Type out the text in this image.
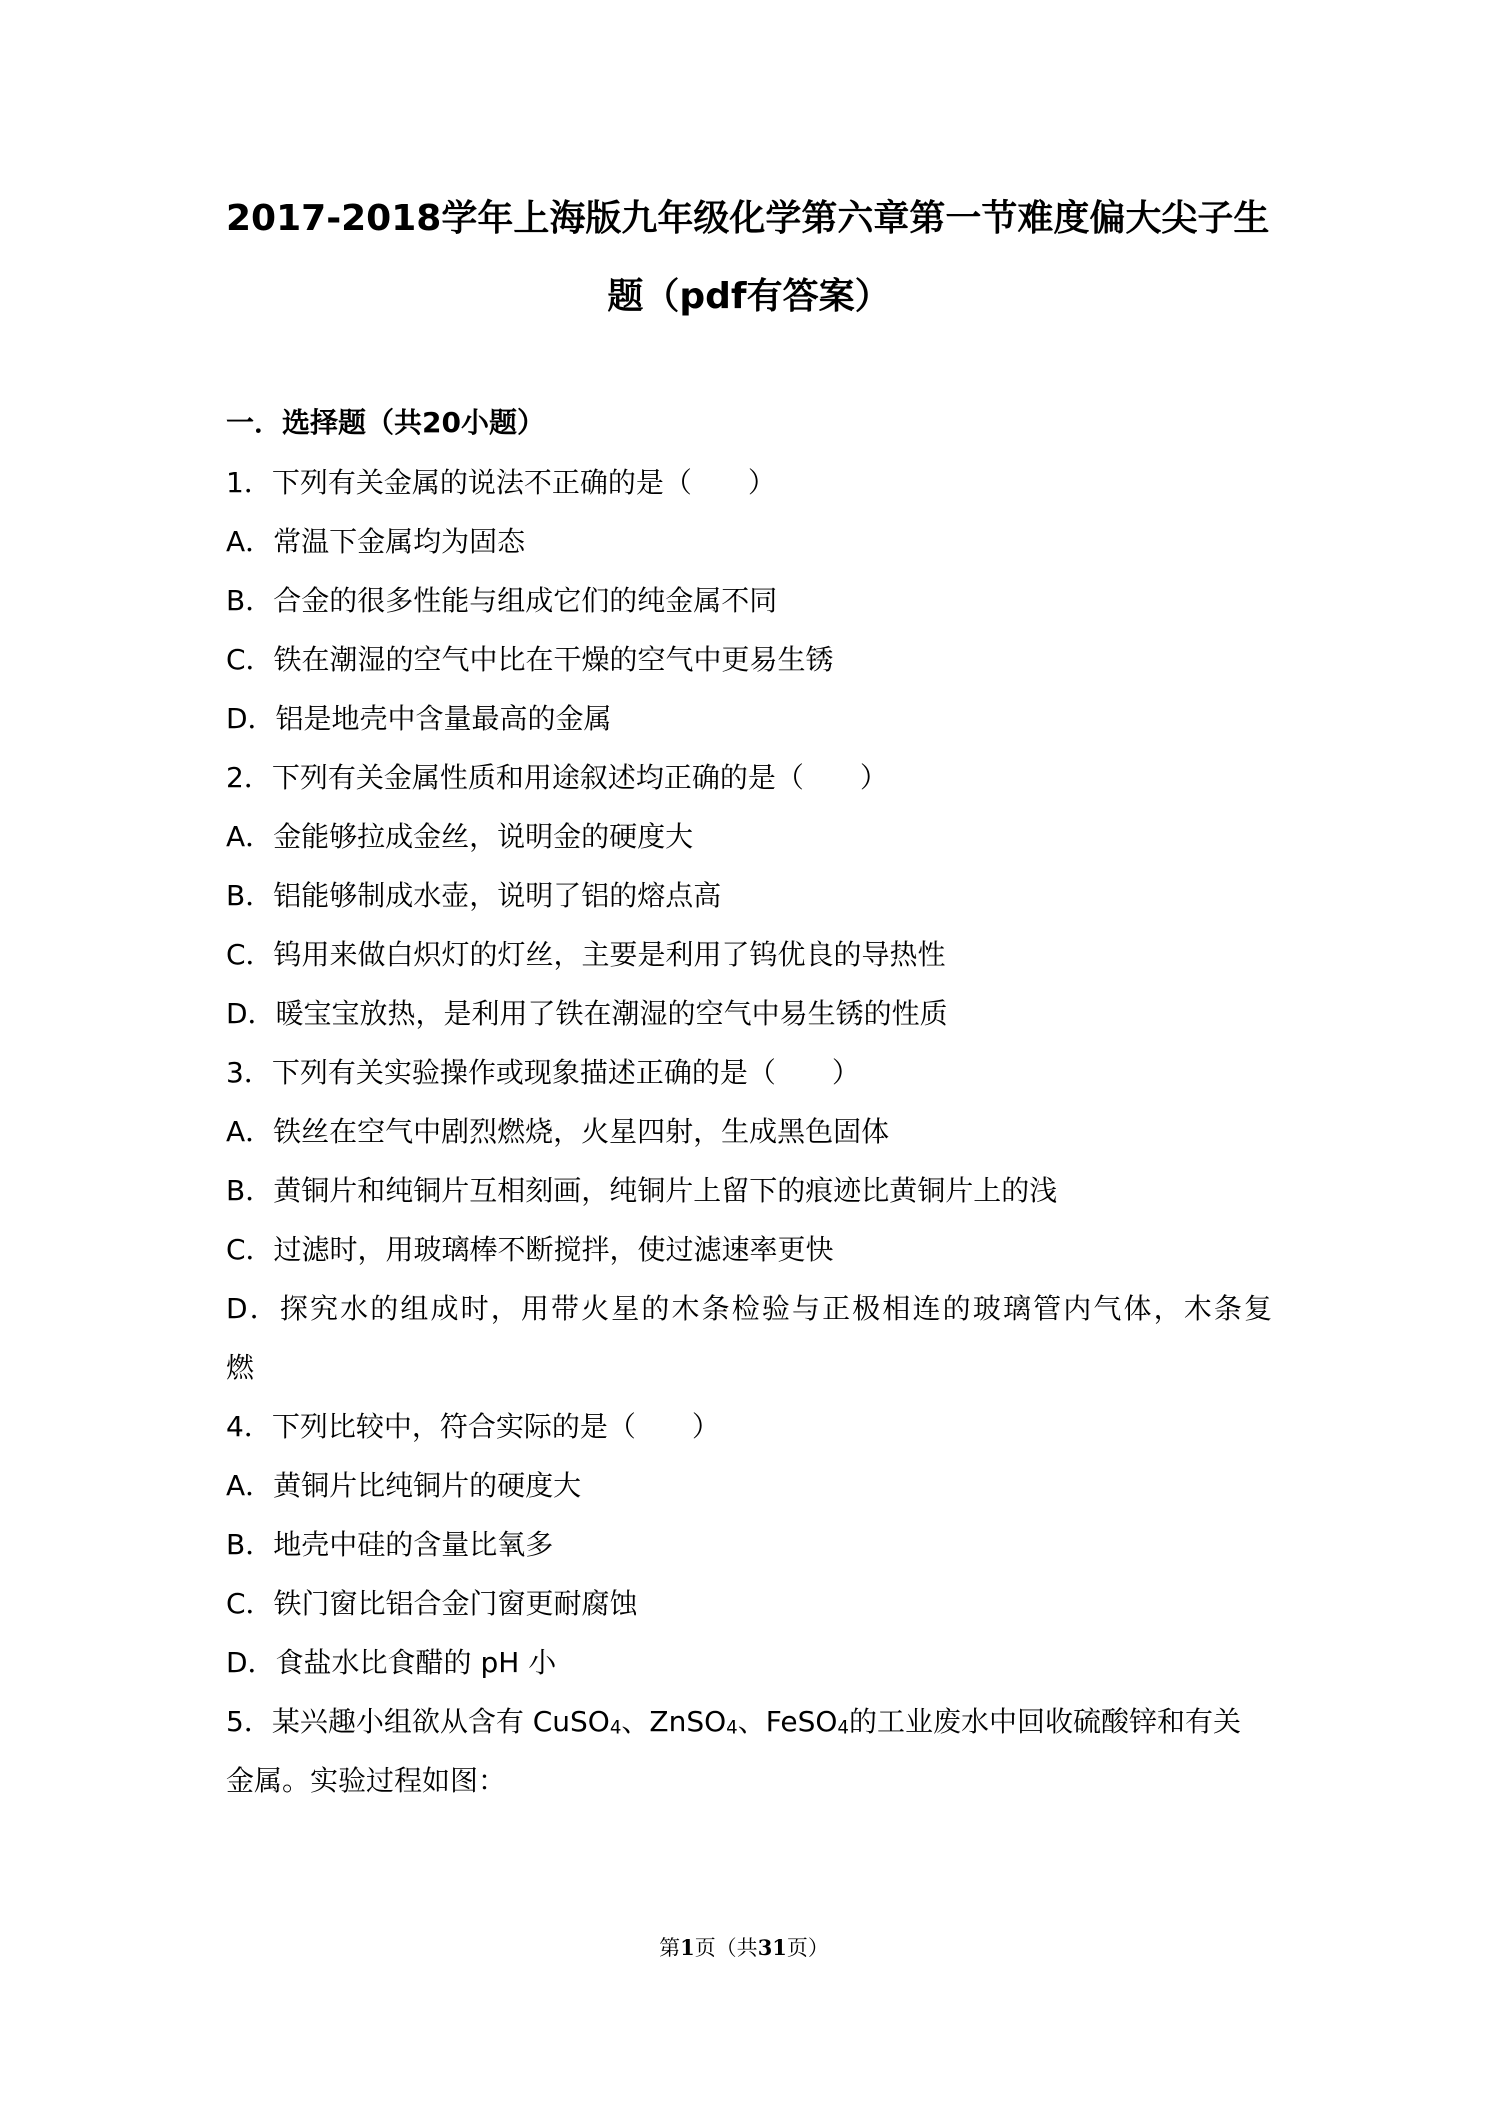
2017-2018学年上海版九年级化学第六章第一节难度偏大尖子生
题（pdf有答案）
一．选择题（共20小题）
1．下列有关金属的说法不正确的是（　　）
A．常温下金属均为固态
B．合金的很多性能与组成它们的纯金属不同
C．铁在潮湿的空气中比在干燥的空气中更易生锈
D．铝是地壳中含量最高的金属
2．下列有关金属性质和用途叙述均正确的是（　　）
A．金能够拉成金丝，说明金的硬度大
B．铝能够制成水壶，说明了铝的熔点高
C．钨用来做白炽灯的灯丝，主要是利用了钨优良的导热性
D．暖宝宝放热，是利用了铁在潮湿的空气中易生锈的性质
3．下列有关实验操作或现象描述正确的是（　　）
A．铁丝在空气中剧烈燃烧，火星四射，生成黑色固体
B．黄铜片和纯铜片互相刻画，纯铜片上留下的痕迹比黄铜片上的浅
C．过滤时，用玻璃棒不断搅拌，使过滤速率更快
D．探究水的组成时，用带火星的木条检验与正极相连的玻璃管内气体，木条复
燃
4．下列比较中，符合实际的是（　　）
A．黄铜片比纯铜片的硬度大
B．地壳中硅的含量比氧多
C．铁门窗比铝合金门窗更耐腐蚀
D．食盐水比食醋的 pH 小
5．某兴趣小组欲从含有 CuSO$_4$、ZnSO$_4$、FeSO$_4$的工业废水中回收硫酸锌和有关
金属。实验过程如图：
第1页（共31页）
